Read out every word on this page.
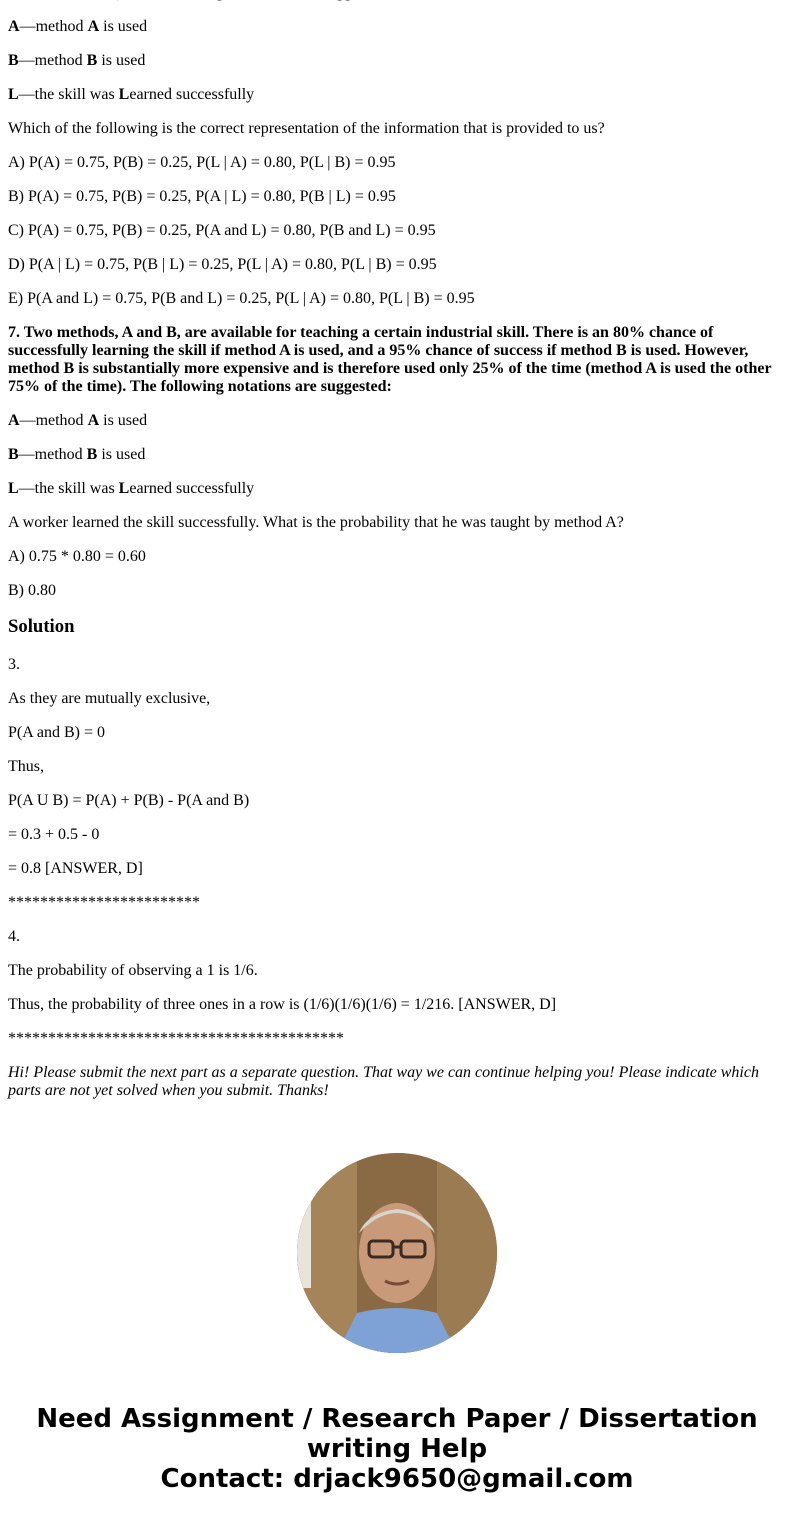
A—method A is used

B—method B is used

L—the skill was Learned successfully

Which of the following is the correct representation of the information that is provided to us?

A) P(A) = 0.75, P(B) = 0.25, P(L | A) = 0.80, P(L | B) = 0.95

B) P(A) = 0.75, P(B) = 0.25, P(A | L) = 0.80, P(B | L) = 0.95

C) P(A) = 0.75, P(B) = 0.25, P(A and L) = 0.80, P(B and L) = 0.95

D) P(A | L) = 0.75, P(B | L) = 0.25, P(L | A) = 0.80, P(L | B) = 0.95

E) P(A and L) = 0.75, P(B and L) = 0.25, P(L | A) = 0.80, P(L | B) = 0.95

7. Two methods, A and B, are available for teaching a certain industrial skill. There is an 80% chance of successfully learning the skill if method A is used, and a 95% chance of success if method B is used. However, method B is substantially more expensive and is therefore used only 25% of the time (method A is used the other 75% of the time). The following notations are suggested:

A—method A is used

B—method B is used

L—the skill was Learned successfully

A worker learned the skill successfully. What is the probability that he was taught by method A?

A) 0.75 * 0.80 = 0.60

B) 0.80

Solution

3.

As they are mutually exclusive,

P(A and B) = 0

Thus,

P(A U B) = P(A) + P(B) - P(A and B)

= 0.3 + 0.5 - 0

= 0.8 [ANSWER, D]

************************

4.

The probability of observing a 1 is 1/6.

Thus, the probability of three ones in a row is (1/6)(1/6)(1/6) = 1/216. [ANSWER, D]

******************************************

Hi! Please submit the next part as a separate question. That way we can continue helping you! Please indicate which parts are not yet solved when you submit. Thanks!

Need Assignment / Research Paper / Dissertation
writing Help
Contact: drjack9650@gmail.com
